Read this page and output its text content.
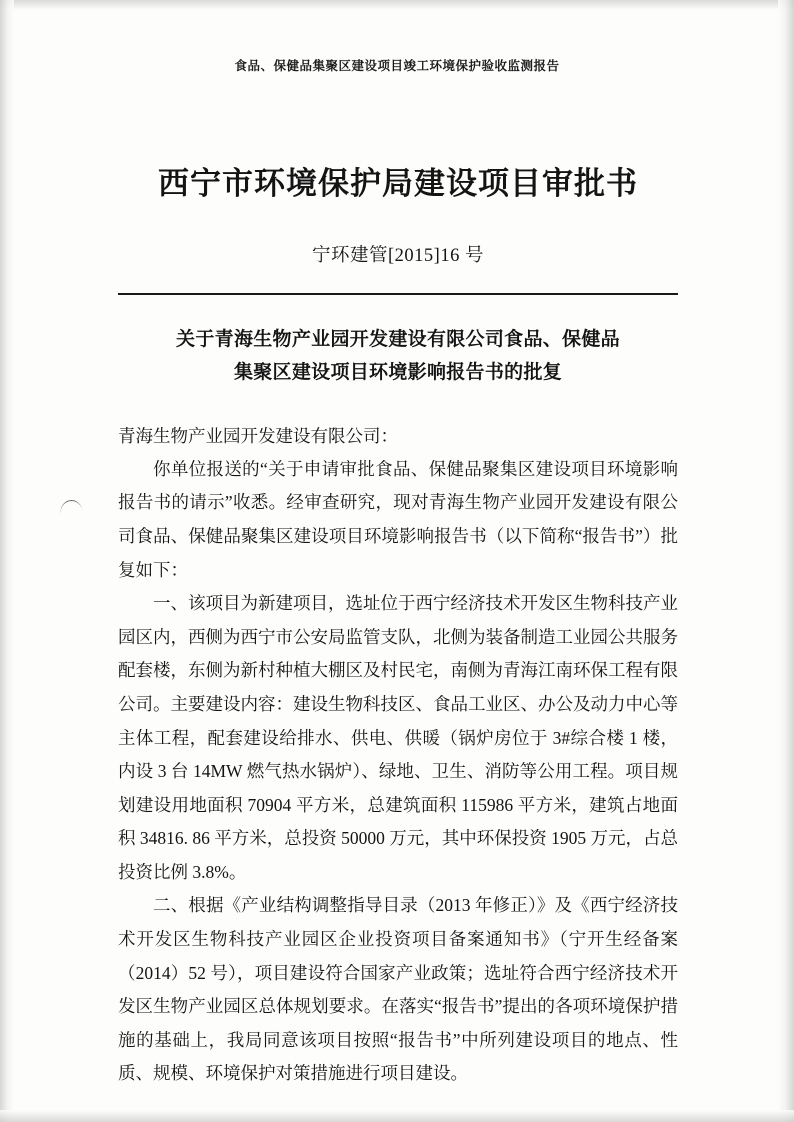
食品、保健品集聚区建设项目竣工环境保护验收监测报告
西宁市环境保护局建设项目审批书
宁环建管[2015]16 号
关于青海生物产业园开发建设有限公司食品、保健品
集聚区建设项目环境影响报告书的批复
青海生物产业园开发建设有限公司：

你单位报送的“关于申请审批食品、保健品聚集区建设项目环境影响报告书的请示”收悉。经审查研究，现对青海生物产业园开发建设有限公司食品、保健品聚集区建设项目环境影响报告书（以下简称“报告书”）批复如下：

一、该项目为新建项目，选址位于西宁经济技术开发区生物科技产业园区内，西侧为西宁市公安局监管支队，北侧为装备制造工业园公共服务配套楼，东侧为新村种植大棚区及村民宅，南侧为青海江南环保工程有限公司。主要建设内容：建设生物科技区、食品工业区、办公及动力中心等主体工程，配套建设给排水、供电、供暖（锅炉房位于 3#综合楼 1 楼，内设 3 台 14MW 燃气热水锅炉）、绿地、卫生、消防等公用工程。项目规划建设用地面积 70904 平方米，总建筑面积 115986 平方米，建筑占地面积 34816. 86 平方米，总投资 50000 万元，其中环保投资 1905 万元，占总投资比例 3.8%。

二、根据《产业结构调整指导目录（2013 年修正）》及《西宁经济技术开发区生物科技产业园区企业投资项目备案通知书》（宁开生经备案（2014）52 号），项目建设符合国家产业政策；选址符合西宁经济技术开发区生物产业园区总体规划要求。在落实“报告书”提出的各项环境保护措施的基础上，我局同意该项目按照“报告书”中所列建设项目的地点、性质、规模、环境保护对策措施进行项目建设。
